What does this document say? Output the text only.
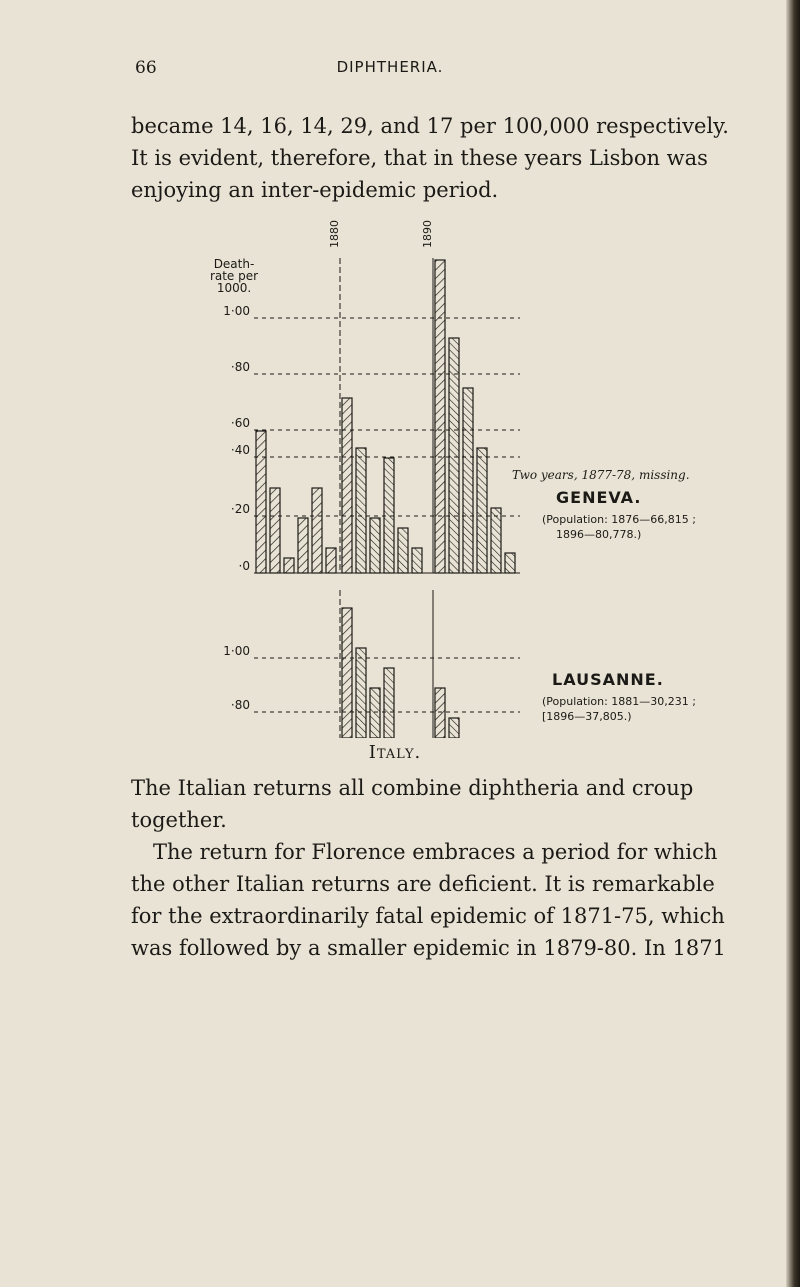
66	DIPHTHERIA.

became 14, 16, 14, 29, and 17 per 100,000 respectively.

It is evident, therefore, that in these years Lisbon was

enjoying an inter-epidemic period.

Death-
rate per
1000.
1880	1890
1·00
·80
·60
·40
·20
·0
Two years, 1877-78, missing.
GENEVA.
(Population: 1876—66,815 ;
1896—80,778.)
1·00
·80
LAUSANNE.
(Population: 1881—30,231 ;
[1896—37,805.)
Italy.

The Italian returns all combine diphtheria and croup

together.

The return for Florence embraces a period for which

the other Italian returns are deficient. It is remarkable

for the extraordinarily fatal epidemic of 1871-75, which

was followed by a smaller epidemic in 1879-80. In 1871
